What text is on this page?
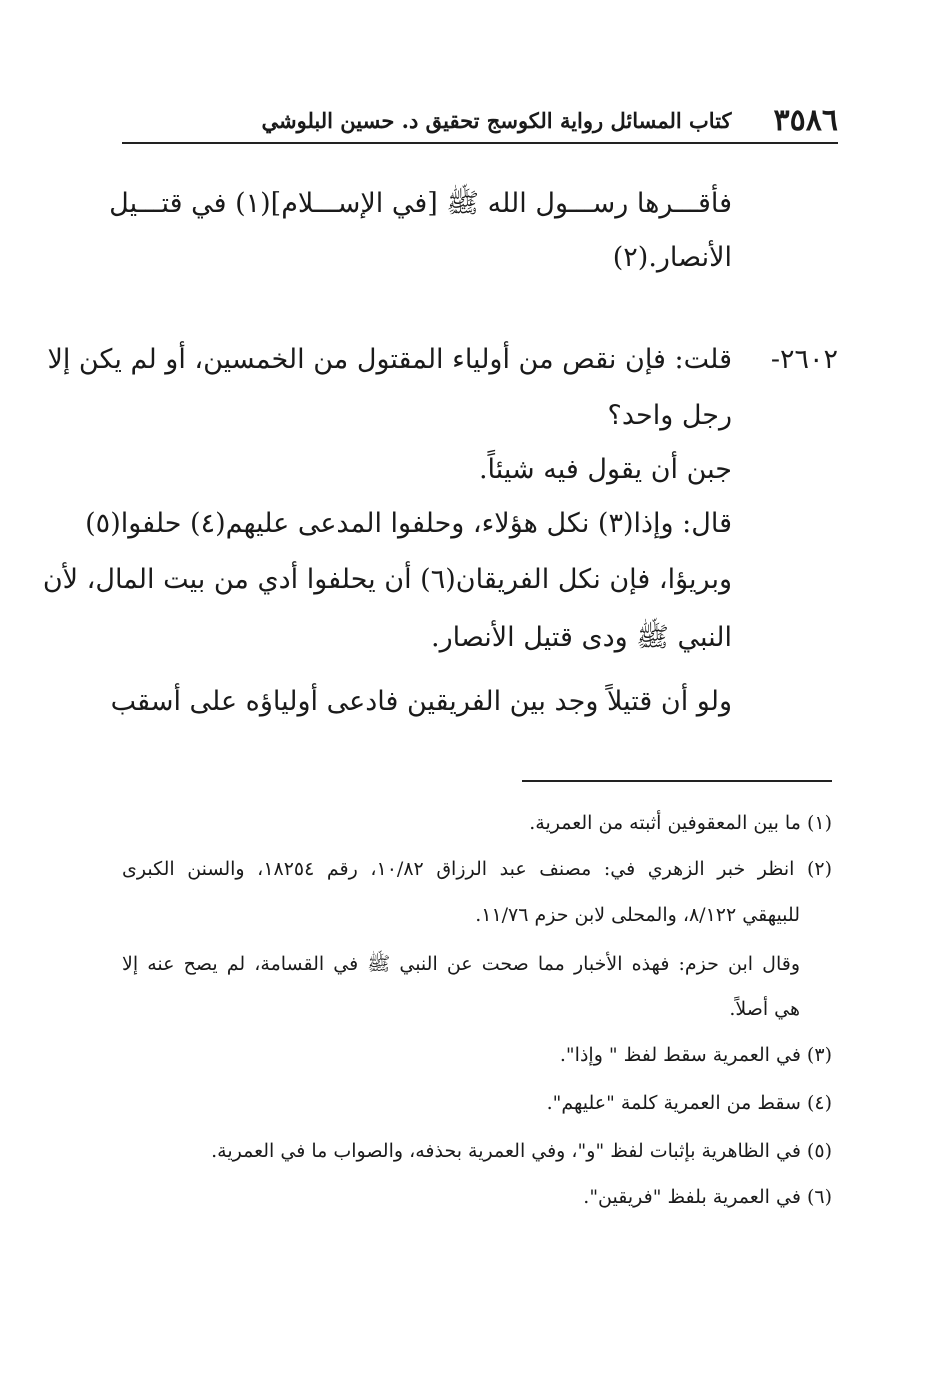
٣٥٨٦
كتاب المسائل رواية الكوسج تحقيق د. حسين البلوشي
فأقـــرها رســـول الله ﷺ [في الإســـلام](١) في قتـــيل
الأنصار.(٢)
٢٦٠٢-
قلت: فإن نقص من أولياء المقتول من الخمسين، أو لم يكن إلا
رجل واحد؟
جبن أن يقول فيه شيئاً.
قال: وإذا(٣) نكل هؤلاء، وحلفوا المدعى عليهم(٤) حلفوا(٥)
وبريؤا، فإن نكل الفريقان(٦) أن يحلفوا أدي من بيت المال، لأن
النبي ﷺ ودى قتيل الأنصار.
ولو أن قتيلاً وجد بين الفريقين فادعى أولياؤه على أسقب
(١) ما بين المعقوفين أثبته من العمرية.
(٢) انظر خبر الزهري في: مصنف عبد الرزاق ١٠/٨٢، رقم ١٨٢٥٤، والسنن الكبرى
للبيهقي ٨/١٢٢، والمحلى لابن حزم ١١/٧٦.
وقال ابن حزم: فهذه الأخبار مما صحت عن النبي ﷺ في القسامة، لم يصح عنه إلا
هي أصلاً.
(٣) في العمرية سقط لفظ " وإذا".
(٤) سقط من العمرية كلمة "عليهم".
(٥) في الظاهرية بإثبات لفظ "و"، وفي العمرية بحذفه، والصواب ما في العمرية.
(٦) في العمرية بلفظ "فريقين".
